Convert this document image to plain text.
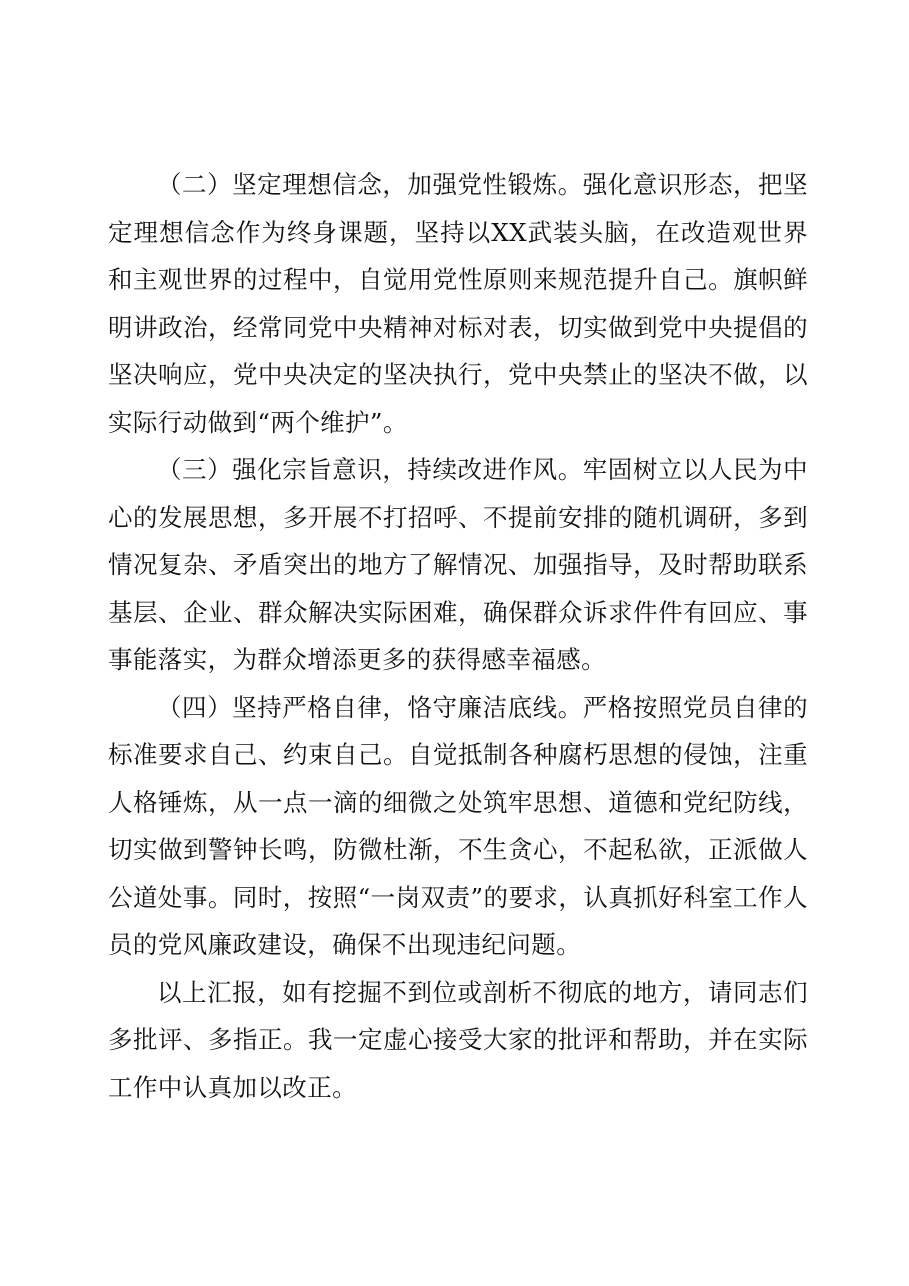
（二）坚定理想信念，加强党性锻炼。强化意识形态，把坚定理想信念作为终身课题，坚持以XX武装头脑，在改造观世界和主观世界的过程中，自觉用党性原则来规范提升自己。旗帜鲜明讲政治，经常同党中央精神对标对表，切实做到党中央提倡的坚决响应，党中央决定的坚决执行，党中央禁止的坚决不做，以实际行动做到“两个维护”。

（三）强化宗旨意识，持续改进作风。牢固树立以人民为中心的发展思想，多开展不打招呼、不提前安排的随机调研，多到情况复杂、矛盾突出的地方了解情况、加强指导，及时帮助联系基层、企业、群众解决实际困难，确保群众诉求件件有回应、事事能落实，为群众增添更多的获得感幸福感。

（四）坚持严格自律，恪守廉洁底线。严格按照党员自律的标准要求自己、约束自己。自觉抵制各种腐朽思想的侵蚀，注重人格锤炼，从一点一滴的细微之处筑牢思想、道德和党纪防线，切实做到警钟长鸣，防微杜渐，不生贪心，不起私欲，正派做人公道处事。同时，按照“一岗双责”的要求，认真抓好科室工作人员的党风廉政建设，确保不出现违纪问题。

以上汇报，如有挖掘不到位或剖析不彻底的地方，请同志们多批评、多指正。我一定虚心接受大家的批评和帮助，并在实际工作中认真加以改正。
